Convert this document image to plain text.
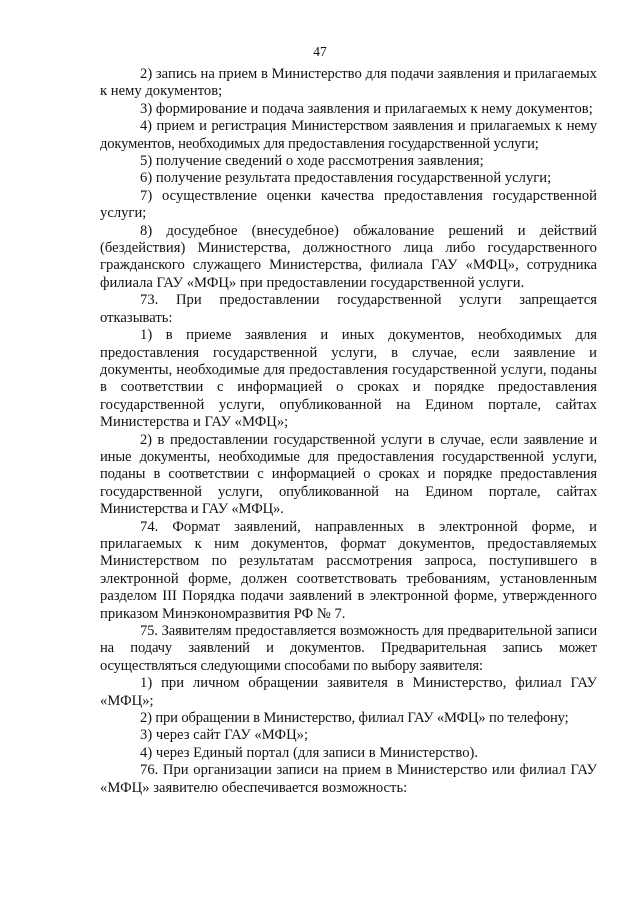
47

2) запись на прием в Министерство для подачи заявления и прилагаемых к нему документов;

3) формирование и подача заявления и прилагаемых к нему документов;

4) прием и регистрация Министерством заявления и прилагаемых к нему документов, необходимых для предоставления государственной услуги;

5) получение сведений о ходе рассмотрения заявления;

6) получение результата предоставления государственной услуги;

7) осуществление оценки качества предоставления государственной услуги;

8) досудебное (внесудебное) обжалование решений и действий (бездействия) Министерства, должностного лица либо государственного гражданского служащего Министерства, филиала ГАУ «МФЦ», сотрудника филиала ГАУ «МФЦ» при предоставлении государственной услуги.

73. При предоставлении государственной услуги запрещается отказывать:

1) в приеме заявления и иных документов, необходимых для предоставления государственной услуги, в случае, если заявление и документы, необходимые для предоставления государственной услуги, поданы в соответствии с информацией о сроках и порядке предоставления государственной услуги, опубликованной на Едином портале, сайтах Министерства и ГАУ «МФЦ»;

2) в предоставлении государственной услуги в случае, если заявление и иные документы, необходимые для предоставления государственной услуги, поданы в соответствии с информацией о сроках и порядке предоставления государственной услуги, опубликованной на Едином портале, сайтах Министерства и ГАУ «МФЦ».

74. Формат заявлений, направленных в электронной форме, и прилагаемых к ним документов, формат документов, предоставляемых Министерством по результатам рассмотрения запроса, поступившего в электронной форме, должен соответствовать требованиям, установленным разделом III Порядка подачи заявлений в электронной форме, утвержденного приказом Минэкономразвития РФ № 7.

75. Заявителям предоставляется возможность для предварительной записи на подачу заявлений и документов. Предварительная запись может осуществляться следующими способами по выбору заявителя:

1) при личном обращении заявителя в Министерство, филиал ГАУ «МФЦ»;

2) при обращении в Министерство, филиал ГАУ «МФЦ» по телефону;

3) через сайт ГАУ «МФЦ»;

4) через Единый портал (для записи в Министерство).

76. При организации записи на прием в Министерство или филиал ГАУ «МФЦ» заявителю обеспечивается возможность:
